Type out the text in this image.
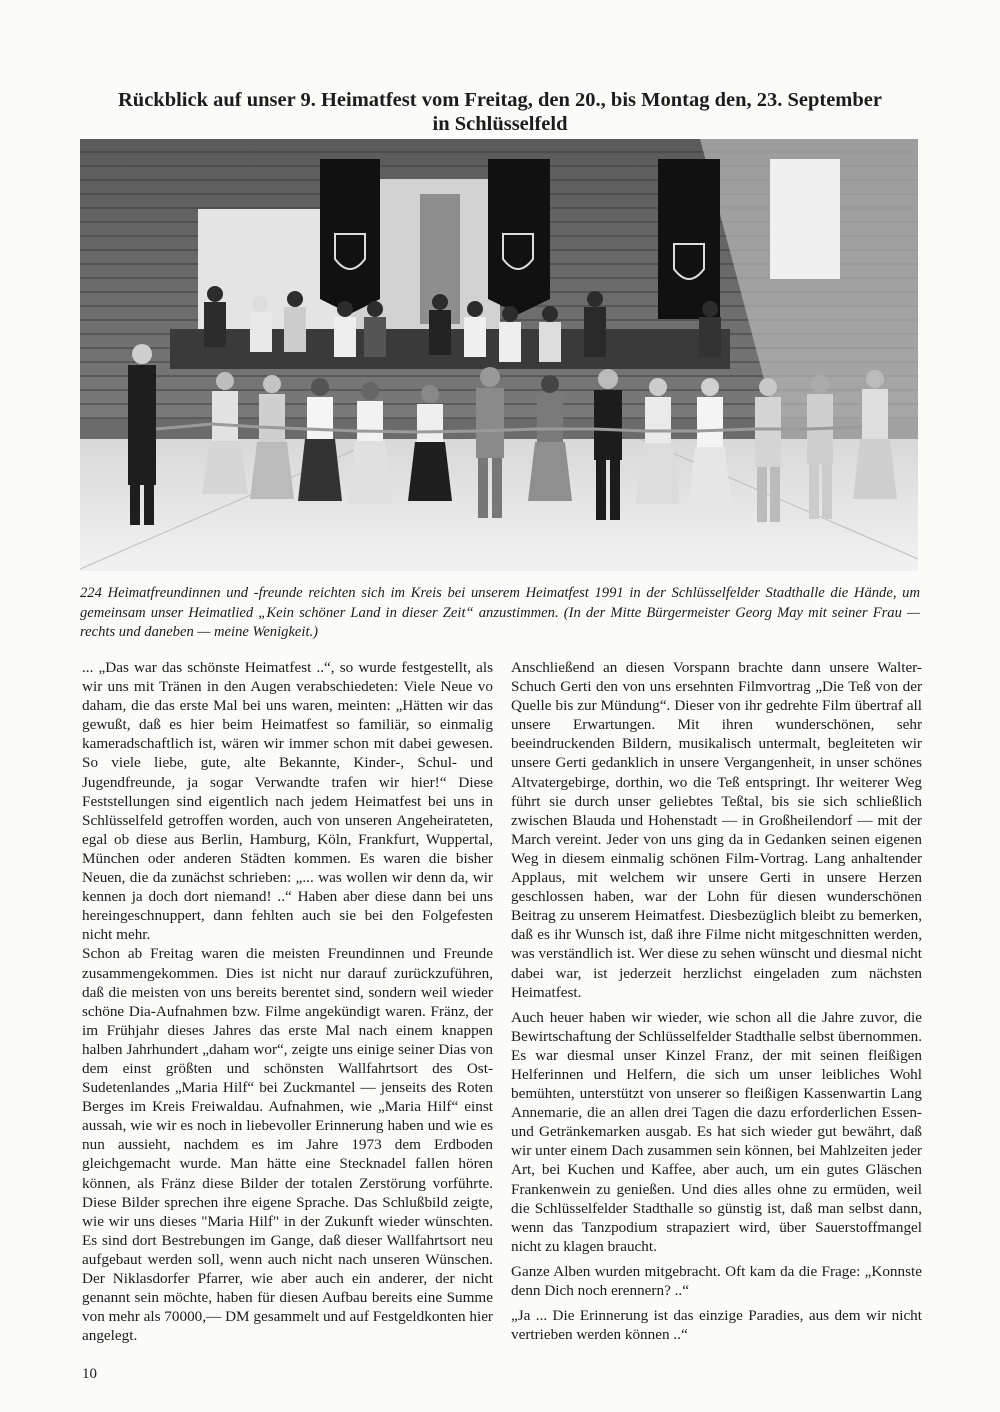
Rückblick auf unser 9. Heimatfest vom Freitag, den 20., bis Montag den, 23. September
in Schlüsselfeld
224 Heimatfreundinnen und -freunde reichten sich im Kreis bei unserem Heimatfest 1991 in der Schlüsselfelder Stadthalle die Hände, um gemeinsam unser Heimatlied „Kein schöner Land in dieser Zeit“ anzustimmen. (In der Mitte Bürgermeister Georg May mit seiner Frau — rechts und daneben — meine Wenigkeit.)

... „Das war das schönste Heimatfest ..“, so wurde festgestellt, als wir uns mit Tränen in den Augen verabschiedeten: Viele Neue vo daham, die das erste Mal bei uns waren, meinten: „Hätten wir das gewußt, daß es hier beim Heimatfest so familiär, so einmalig kameradschaftlich ist, wären wir immer schon mit dabei gewesen. So viele liebe, gute, alte Bekannte, Kinder-, Schul- und Jugendfreunde, ja sogar Verwandte trafen wir hier!“ Diese Feststellungen sind eigentlich nach jedem Heimatfest bei uns in Schlüsselfeld getroffen worden, auch von unseren Angeheirateten, egal ob diese aus Berlin, Hamburg, Köln, Frankfurt, Wuppertal, München oder anderen Städten kommen. Es waren die bisher Neuen, die da zunächst schrieben: „... was wollen wir denn da, wir kennen ja doch dort niemand! ..“ Haben aber diese dann bei uns hereingeschnuppert, dann fehlten auch sie bei den Folgefesten nicht mehr.

Schon ab Freitag waren die meisten Freundinnen und Freunde zusammengekommen. Dies ist nicht nur darauf zurückzuführen, daß die meisten von uns bereits berentet sind, sondern weil wieder schöne Dia-Aufnahmen bzw. Filme angekündigt waren. Fränz, der im Frühjahr dieses Jahres das erste Mal nach einem knappen halben Jahrhundert „daham wor“, zeigte uns einige seiner Dias von dem einst größten und schönsten Wallfahrtsort des Ost-Sudetenlandes „Maria Hilf“ bei Zuckmantel — jenseits des Roten Berges im Kreis Freiwaldau. Aufnahmen, wie „Maria Hilf“ einst aussah, wie wir es noch in liebevoller Erinnerung haben und wie es nun aussieht, nachdem es im Jahre 1973 dem Erdboden gleichgemacht wurde. Man hätte eine Stecknadel fallen hören können, als Fränz diese Bilder der totalen Zerstörung vorführte. Diese Bilder sprechen ihre eigene Sprache. Das Schlußbild zeigte, wie wir uns dieses "Maria Hilf" in der Zukunft wieder wünschten. Es sind dort Bestrebungen im Gange, daß dieser Wallfahrtsort neu aufgebaut werden soll, wenn auch nicht nach unseren Wünschen. Der Niklasdorfer Pfarrer, wie aber auch ein anderer, der nicht genannt sein möchte, haben für diesen Aufbau bereits eine Summe von mehr als 70000,— DM gesammelt und auf Festgeldkonten hier angelegt.

Anschließend an diesen Vorspann brachte dann unsere Walter-Schuch Gerti den von uns ersehnten Filmvortrag „Die Teß von der Quelle bis zur Mündung“. Dieser von ihr gedrehte Film übertraf all unsere Erwartungen. Mit ihren wunderschönen, sehr beeindruckenden Bildern, musikalisch untermalt, begleiteten wir unsere Gerti gedanklich in unsere Vergangenheit, in unser schönes Altvatergebirge, dorthin, wo die Teß entspringt. Ihr weiterer Weg führt sie durch unser geliebtes Teßtal, bis sie sich schließlich zwischen Blauda und Hohenstadt — in Großheilendorf — mit der March vereint. Jeder von uns ging da in Gedanken seinen eigenen Weg in diesem einmalig schönen Film-Vortrag. Lang anhaltender Applaus, mit welchem wir unsere Gerti in unsere Herzen geschlossen haben, war der Lohn für diesen wunderschönen Beitrag zu unserem Heimatfest. Diesbezüglich bleibt zu bemerken, daß es ihr Wunsch ist, daß ihre Filme nicht mitgeschnitten werden, was verständlich ist. Wer diese zu sehen wünscht und diesmal nicht dabei war, ist jederzeit herzlichst eingeladen zum nächsten Heimatfest.

Auch heuer haben wir wieder, wie schon all die Jahre zuvor, die Bewirtschaftung der Schlüsselfelder Stadthalle selbst übernommen. Es war diesmal unser Kinzel Franz, der mit seinen fleißigen Helferinnen und Helfern, die sich um unser leibliches Wohl bemühten, unterstützt von unserer so fleißigen Kassenwartin Lang Annemarie, die an allen drei Tagen die dazu erforderlichen Essen- und Getränkemarken ausgab. Es hat sich wieder gut bewährt, daß wir unter einem Dach zusammen sein können, bei Mahlzeiten jeder Art, bei Kuchen und Kaffee, aber auch, um ein gutes Gläschen Frankenwein zu genießen. Und dies alles ohne zu ermüden, weil die Schlüsselfelder Stadthalle so günstig ist, daß man selbst dann, wenn das Tanzpodium strapaziert wird, über Sauerstoffmangel nicht zu klagen braucht.

Ganze Alben wurden mitgebracht. Oft kam da die Frage: „Konnste denn Dich noch erennern? ..“

„Ja ... Die Erinnerung ist das einzige Paradies, aus dem wir nicht vertrieben werden können ..“

10
